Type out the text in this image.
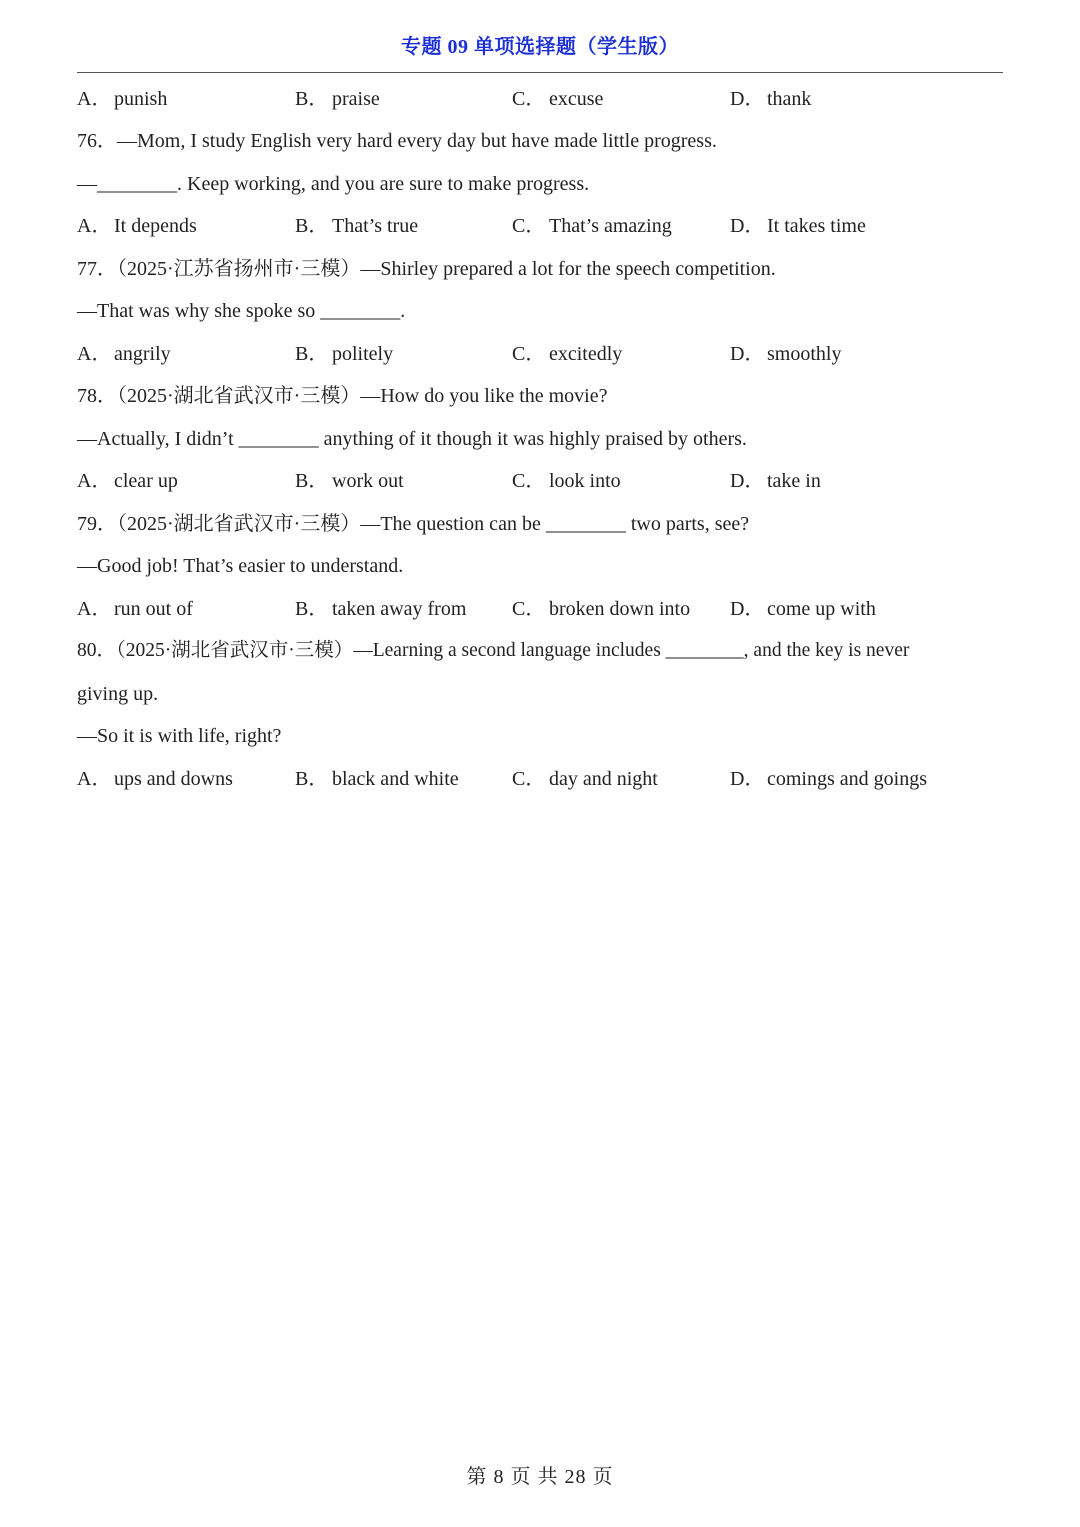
专题 09 单项选择题（学生版）
A． punish	B． praise	C． excuse	D． thank
76．—Mom, I study English very hard every day but have made little progress.
—________. Keep working, and you are sure to make progress.
A． It depends	B． That’s true	C． That’s amazing	D． It takes time
77．（2025·江苏省扬州市·三模）—Shirley prepared a lot for the speech competition.
—That was why she spoke so ________.
A． angrily	B． politely	C． excitedly	D． smoothly
78．（2025·湖北省武汉市·三模）—How do you like the movie?
—Actually, I didn’t ________ anything of it though it was highly praised by others.
A． clear up	B． work out	C． look into	D． take in
79．（2025·湖北省武汉市·三模）—The question can be ________ two parts, see?
—Good job! That’s easier to understand.
A． run out of	B． taken away from C． broken down into D． come up with
80．（2025·湖北省武汉市·三模）—Learning a second language includes ________, and the key is never
giving up.
—So it is with life, right?
A． ups and downs	B． black and white	C． day and night	D． comings and goings
第 8 页 共 28 页
